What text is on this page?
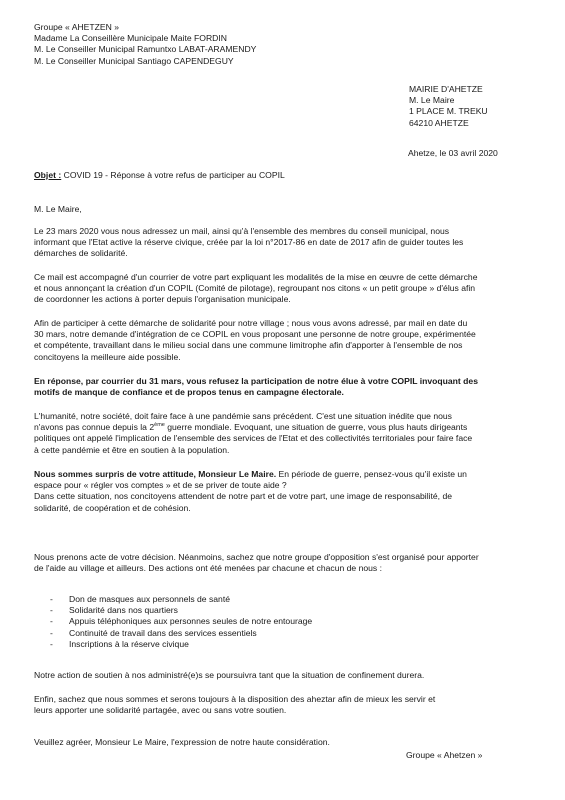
Groupe « AHETZEN »
Madame La Conseillère Municipale Maite FORDIN
M. Le Conseiller Municipal Ramuntxo LABAT-ARAMENDY
M. Le Conseiller Municipal Santiago CAPENDEGUY
MAIRIE D'AHETZE
M. Le Maire
1 PLACE M. TREKU
64210 AHETZE
Ahetze, le 03 avril 2020
Objet : COVID 19 - Réponse à votre refus de participer au COPIL
M. Le Maire,
Le 23 mars 2020 vous nous adressez un mail, ainsi qu'à l'ensemble des membres du conseil municipal, nous
informant que l'Etat active la réserve civique, créée par la loi n°2017-86 en date de 2017 afin de guider toutes les
démarches de solidarité.
Ce mail est accompagné d'un courrier de votre part expliquant les modalités de la mise en œuvre de cette démarche
et nous annonçant la création d'un COPIL (Comité de pilotage), regroupant nos citons « un petit groupe » d'élus afin
de coordonner les actions à porter depuis l'organisation municipale.
Afin de participer à cette démarche de solidarité pour notre village ; nous vous avons adressé, par mail en date du
30 mars, notre demande d'intégration de ce COPIL en vous proposant une personne de notre groupe, expérimentée
et compétente, travaillant dans le milieu social dans une commune limitrophe afin d'apporter à l'ensemble de nos
concitoyens la meilleure aide possible.
En réponse, par courrier du 31 mars, vous refusez la participation de notre élue à votre COPIL invoquant des
motifs de manque de confiance et de propos tenus en campagne électorale.
L'humanité, notre société, doit faire face à une pandémie sans précédent. C'est une situation inédite que nous
n'avons pas connue depuis la 2ème guerre mondiale. Evoquant, une situation de guerre, vous plus hauts dirigeants
politiques ont appelé l'implication de l'ensemble des services de l'Etat et des collectivités territoriales pour faire face
à cette pandémie et être en soutien à la population.
Nous sommes surpris de votre attitude, Monsieur Le Maire. En période de guerre, pensez-vous qu'il existe un
espace pour « régler vos comptes » et de se priver de toute aide ?
Dans cette situation, nos concitoyens attendent de notre part et de votre part, une image de responsabilité, de
solidarité, de coopération et de cohésion.
Nous prenons acte de votre décision. Néanmoins, sachez que notre groupe d'opposition s'est organisé pour apporter
de l'aide au village et ailleurs. Des actions ont été menées par chacune et chacun de nous :
- Don de masques aux personnels de santé
- Solidarité dans nos quartiers
- Appuis téléphoniques aux personnes seules de notre entourage
- Continuité de travail dans des services essentiels
- Inscriptions à la réserve civique
Notre action de soutien à nos administré(e)s se poursuivra tant que la situation de confinement durera.
Enfin, sachez que nous sommes et serons toujours à la disposition des aheztar afin de mieux les servir et
leurs apporter une solidarité partagée, avec ou sans votre soutien.
Veuillez agréer, Monsieur Le Maire, l'expression de notre haute considération.
Groupe « Ahetzen »
